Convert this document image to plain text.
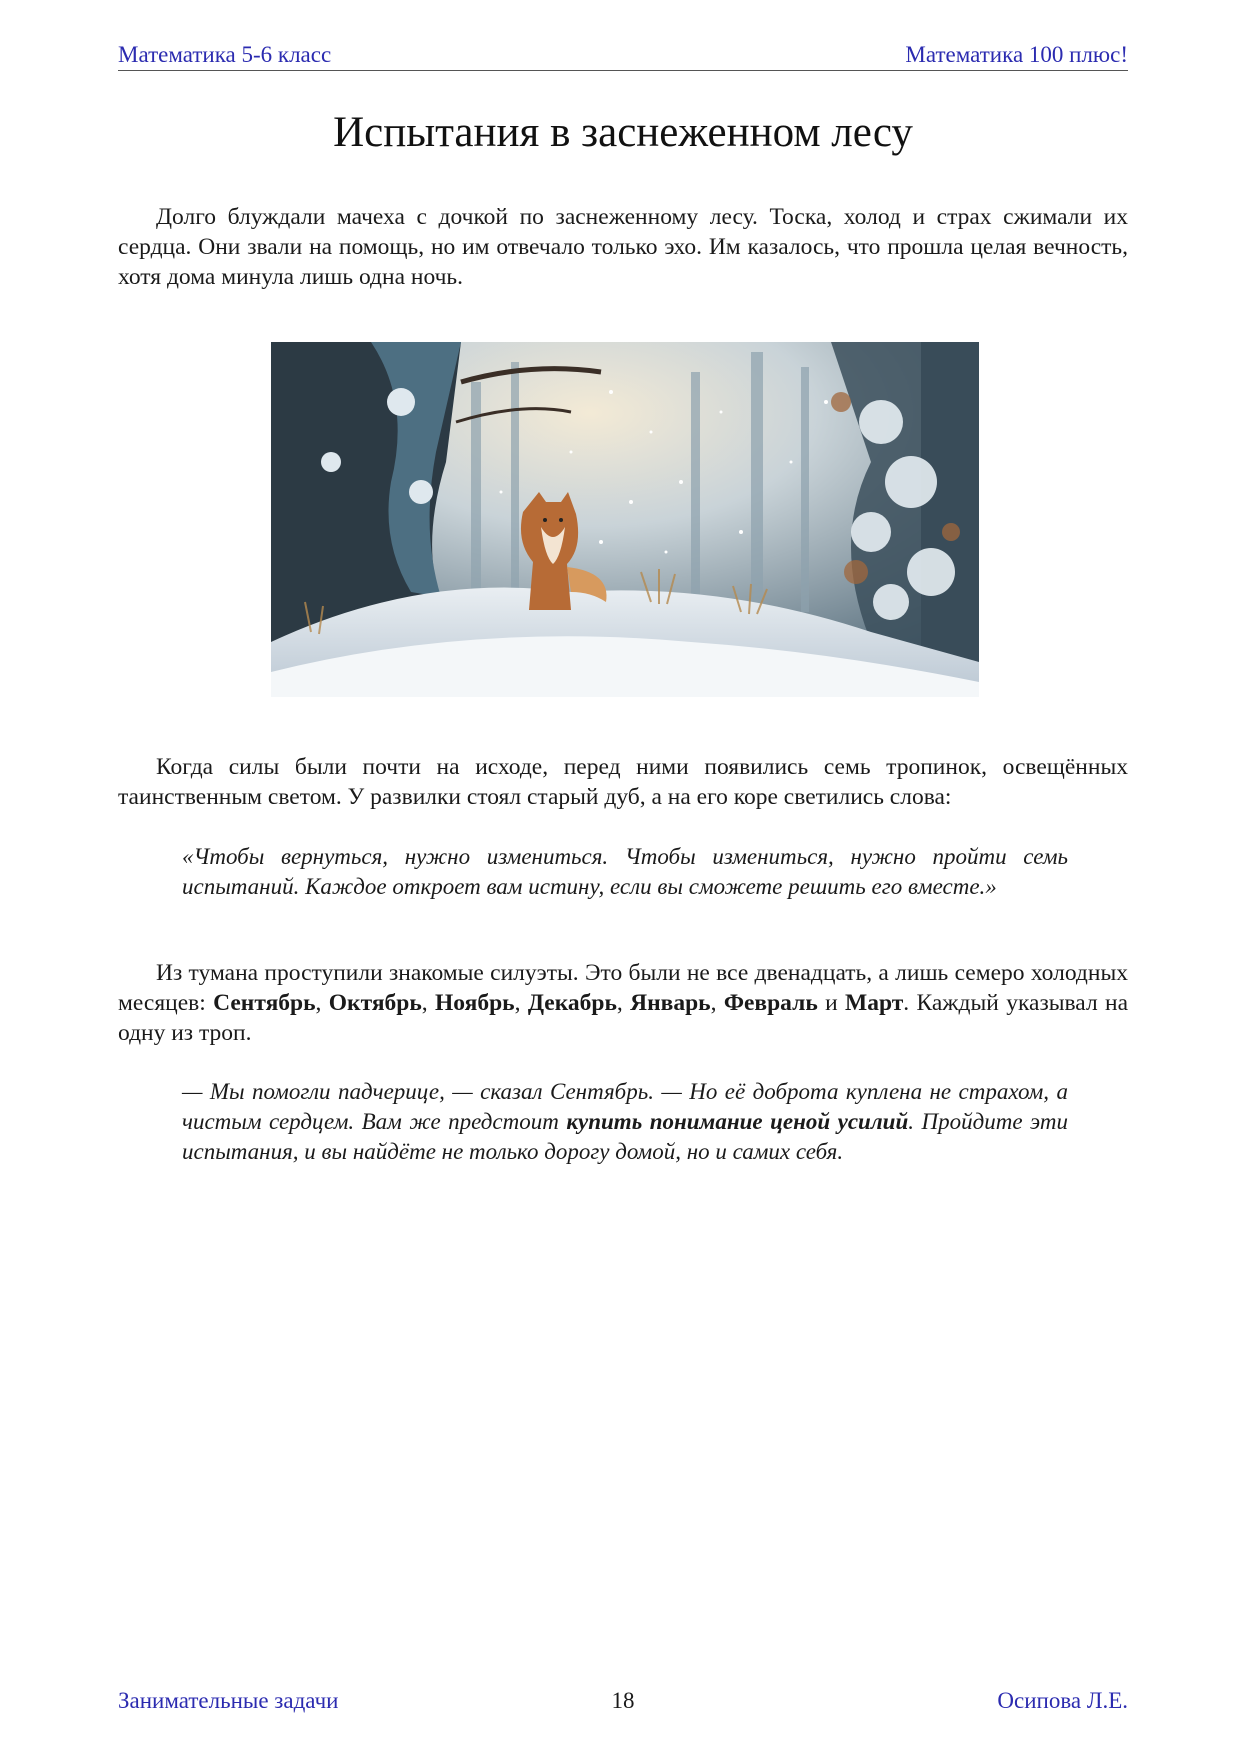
Математика 5-6 класс	Математика 100 плюс!
Испытания в заснеженном лесу

Долго блуждали мачеха с дочкой по заснеженному лесу. Тоска, холод и страх сжимали их сердца. Они звали на помощь, но им отвечало только эхо. Им казалось, что прошла целая вечность, хотя дома минула лишь одна ночь.

Когда силы были почти на исходе, перед ними появились семь тропинок, освещённых таинственным светом. У развилки стоял старый дуб, а на его коре светились слова:

«Чтобы вернуться, нужно измениться. Чтобы измениться, нужно пройти семь испытаний. Каждое откроет вам истину, если вы сможете решить его вместе.»

Из тумана проступили знакомые силуэты. Это были не все двенадцать, а лишь семеро холодных месяцев: Сентябрь, Октябрь, Ноябрь, Декабрь, Январь, Февраль и Март. Каждый указывал на одну из троп.

— Мы помогли падчерице, — сказал Сентябрь. — Но её доброта куплена не страхом, а чистым сердцем. Вам же предстоит купить понимание ценой усилий. Пройдите эти испытания, и вы найдёте не только дорогу домой, но и самих себя.

Занимательные задачи	18	Осипова Л.Е.
